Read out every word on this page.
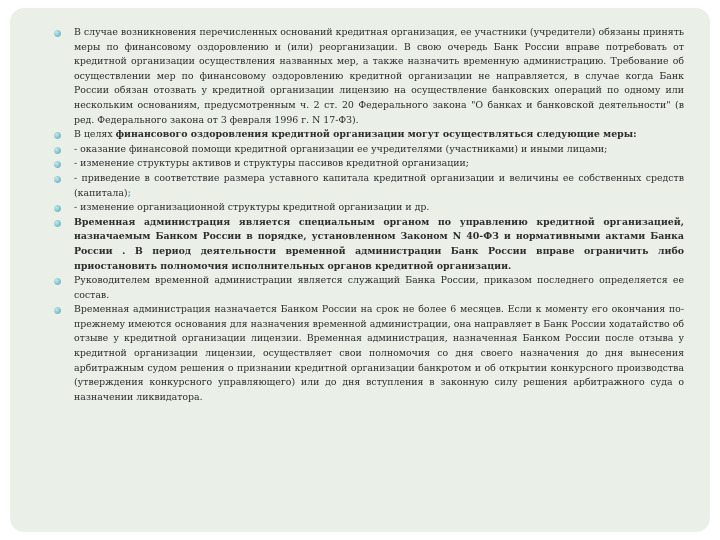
В случае возникновения перечисленных оснований кредитная организация, ее участники (учредители) обязаны принять меры по финансовому оздоровлению и (или) реорганизации. В свою очередь Банк России вправе потребовать от кредитной организации осуществления названных мер, а также назначить временную администрацию. Требование об осуществлении мер по финансовому оздоровлению кредитной организации не направляется, в случае когда Банк России обязан отозвать у кредитной организации лицензию на осуществление банковских операций по одному или нескольким основаниям, предусмотренным ч. 2 ст. 20 Федерального закона "О банках и банковской деятельности" (в ред. Федерального закона от 3 февраля 1996 г. N 17-ФЗ).
В целях финансового оздоровления кредитной организации могут осуществляться следующие меры:
- оказание финансовой помощи кредитной организации ее учредителями (участниками) и иными лицами;
- изменение структуры активов и структуры пассивов кредитной организации;
- приведение в соответствие размера уставного капитала кредитной организации и величины ее собственных средств (капитала);
- изменение организационной структуры кредитной организации и др.
Временная администрация является специальным органом по управлению кредитной организацией, назначаемым Банком России в порядке, установленном Законом N 40-ФЗ и нормативными актами Банка России . В период деятельности временной администрации Банк России вправе ограничить либо приостановить полномочия исполнительных органов кредитной организации.
Руководителем временной администрации является служащий Банка России, приказом последнего определяется ее состав.
Временная администрация назначается Банком России на срок не более 6 месяцев. Если к моменту его окончания по-прежнему имеются основания для назначения временной администрации, она направляет в Банк России ходатайство об отзыве у кредитной организации лицензии. Временная администрация, назначенная Банком России после отзыва у кредитной организации лицензии, осуществляет свои полномочия со дня своего назначения до дня вынесения арбитражным судом решения о признании кредитной организации банкротом и об открытии конкурсного производства (утверждения конкурсного управляющего) или до дня вступления в законную силу решения арбитражного суда о назначении ликвидатора.
